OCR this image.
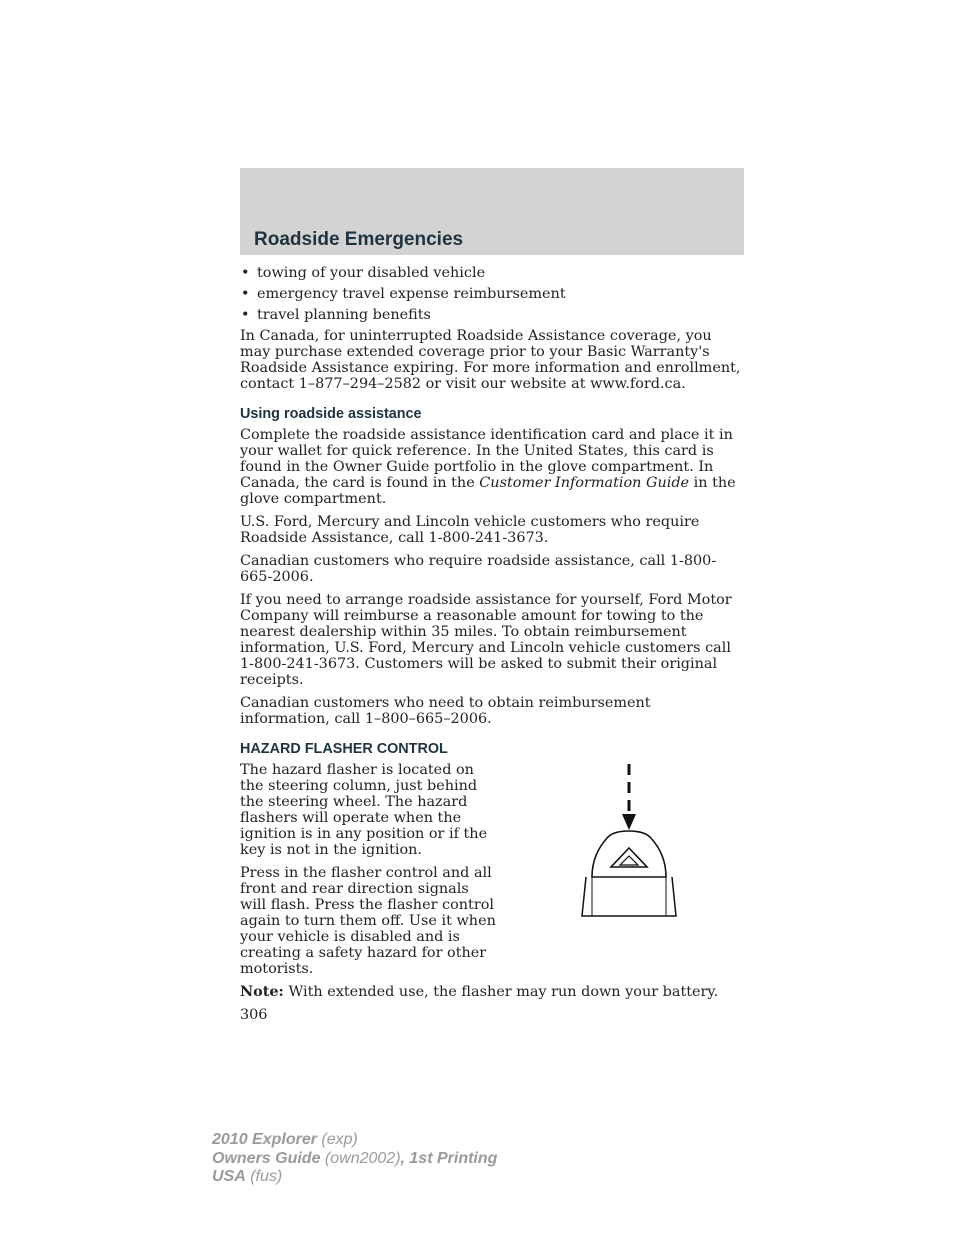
Roadside Emergencies
• towing of your disabled vehicle
• emergency travel expense reimbursement
• travel planning benefits

In Canada, for uninterrupted Roadside Assistance coverage, you may purchase extended coverage prior to your Basic Warranty's Roadside Assistance expiring. For more information and enrollment, contact 1–877–294–2582 or visit our website at www.ford.ca.

Using roadside assistance

Complete the roadside assistance identification card and place it in your wallet for quick reference. In the United States, this card is found in the Owner Guide portfolio in the glove compartment. In Canada, the card is found in the Customer Information Guide in the glove compartment.

U.S. Ford, Mercury and Lincoln vehicle customers who require Roadside Assistance, call 1-800-241-3673.

Canadian customers who require roadside assistance, call 1-800-665-2006.

If you need to arrange roadside assistance for yourself, Ford Motor Company will reimburse a reasonable amount for towing to the nearest dealership within 35 miles. To obtain reimbursement information, U.S. Ford, Mercury and Lincoln vehicle customers call 1-800-241-3673. Customers will be asked to submit their original receipts.

Canadian customers who need to obtain reimbursement information, call 1–800–665–2006.

HAZARD FLASHER CONTROL

The hazard flasher is located on the steering column, just behind the steering wheel. The hazard flashers will operate when the ignition is in any position or if the key is not in the ignition.

Press in the flasher control and all front and rear direction signals will flash. Press the flasher control again to turn them off. Use it when your vehicle is disabled and is creating a safety hazard for other motorists.

Note: With extended use, the flasher may run down your battery.

306
2010 Explorer (exp)
Owners Guide (own2002), 1st Printing
USA (fus)
